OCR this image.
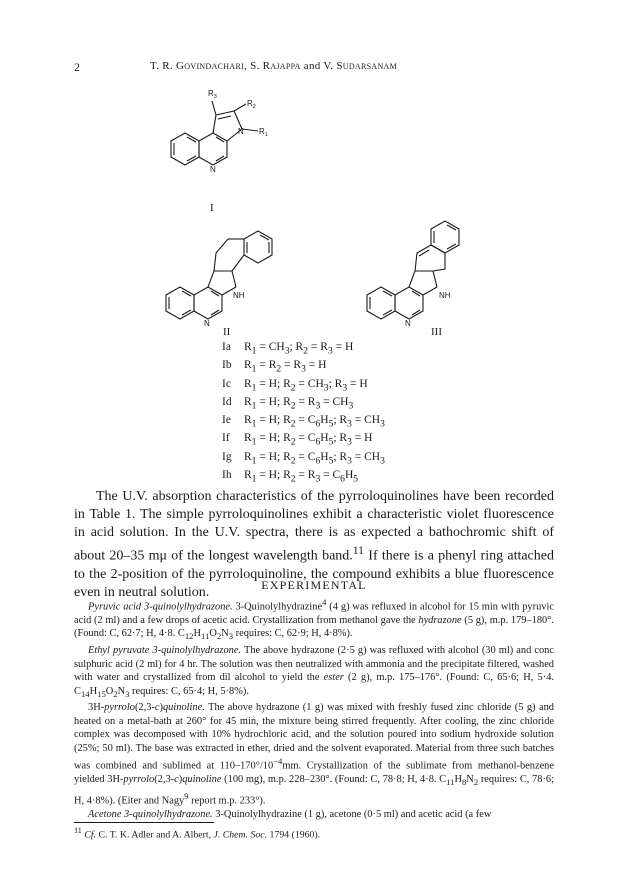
2	T. R. Govindachari, S. Rajappa and V. Sudarsanam
$R_3$
$R_2$
N $R_1$
N
I
NH
N
II
NH
N
III
Ia $R_1 = CH_3$; $R_2 = R_3 = H$
Ib $R_1 = R_2 = R_3 = H$
Ic $R_1 = H$; $R_2 = CH_3$; $R_3 = H$
Id $R_1 = H$; $R_2 = R_3 = CH_3$
Ie $R_1 = H$; $R_2 = C_6H_5$; $R_3 = CH_3$
If $R_1 = H$; $R_2 = C_6H_5$; $R_3 = H$
Ig $R_1 = H$; $R_2 = C_6H_5$; $R_3 = CH_3$
Ih $R_1 = H$; $R_2 = R_3 = C_6H_5$
The U.V. absorption characteristics of the pyrroloquinolines have been recorded in Table 1. The simple pyrroloquinolines exhibit a characteristic violet fluorescence in acid solution. In the U.V. spectra, there is as expected a bathochromic shift of about 20–35 mμ of the longest wavelength band.$^{11}$ If there is a phenyl ring attached to the 2-position of the pyrroloquinoline, the compound exhibits a blue fluorescence even in neutral solution.	EXPERIMENTAL

Pyruvic acid 3-quinolylhydrazone. 3-Quinolylhydrazine$^4$ (4 g) was refluxed in alcohol for 15 min with pyruvic acid (2 ml) and a few drops of acetic acid. Crystallization from methanol gave the hydrazone (5 g), m.p. 179–180°. (Found: C, 62·7; H, 4·8. $C_{12}H_{11}O_2N_3$ requires: C, 62·9; H, 4·8%).

Ethyl pyruvate 3-quinolylhydrazone. The above hydrazone (2·5 g) was refluxed with alcohol (30 ml) and conc sulphuric acid (2 ml) for 4 hr. The solution was then neutralized with ammonia and the precipitate filtered, washed with water and crystallized from dil alcohol to yield the ester (2 g), m.p. 175–176°. (Found: C, 65·6; H, 5·4. $C_{14}H_{15}O_2N_3$ requires: C, 65·4; H, 5·8%).

3H-pyrrolo(2,3-c)quinoline. The above hydrazone (1 g) was mixed with freshly fused zinc chloride (5 g) and heated on a metal-bath at 260° for 45 min, the mixture being stirred frequently. After cooling, the zinc chloride complex was decomposed with 10% hydrochloric acid, and the solution poured into sodium hydroxide solution (25%; 50 ml). The base was extracted in ether, dried and the solvent evaporated. Material from three such batches was combined and sublimed at $110-170^\circ/10^{-4}mm$. Crystallization of the sublimate from methanol-benzene yielded 3H-pyrrolo(2,3-c)quinoline (100 mg), m.p. 228–230°. (Found: C, 78·8; H, 4·8. $C_{11}H_8N_2$ requires: C, 78·6; H, 4·8%). (Eiter and Nagy$^9$ report m.p. 233°).

Acetone 3-quinolylhydrazone. 3-Quinolylhydrazine (1 g), acetone (0·5 ml) and acetic acid (a few

$^{11}$ Cf. C. T. K. Adler and A. Albert, J. Chem. Soc. 1794 (1960).
